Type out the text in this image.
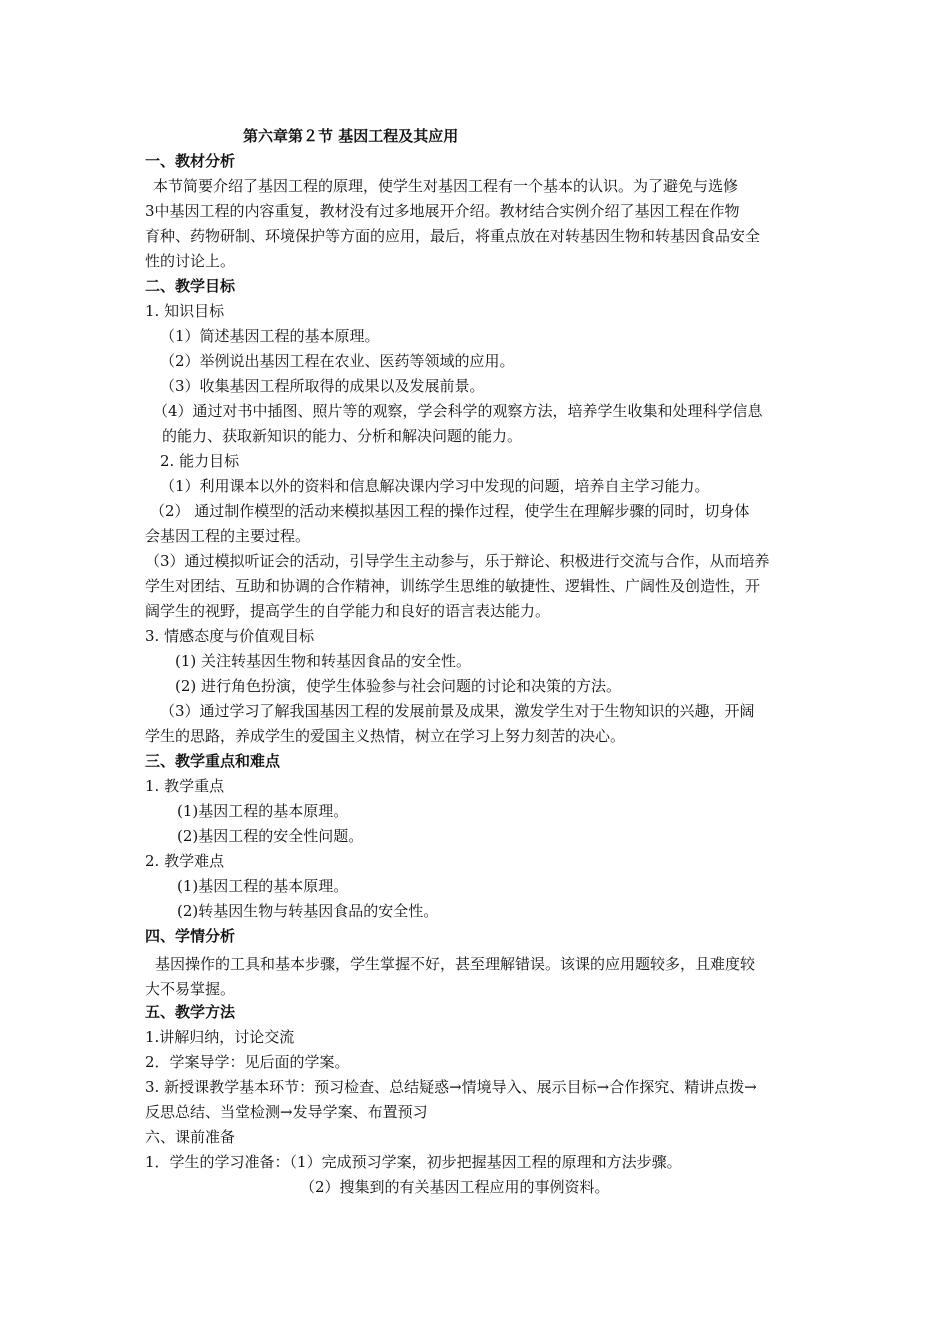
第六章第２节 基因工程及其应用
一、教材分析
本节简要介绍了基因工程的原理，使学生对基因工程有一个基本的认识。为了避免与选修
3中基因工程的内容重复，教材没有过多地展开介绍。教材结合实例介绍了基因工程在作物
育种、药物研制、环境保护等方面的应用，最后，将重点放在对转基因生物和转基因食品安全
性的讨论上。
二、教学目标
1. 知识目标
（1）简述基因工程的基本原理。
（2）举例说出基因工程在农业、医药等领域的应用。
（3）收集基因工程所取得的成果以及发展前景。
（4）通过对书中插图、照片等的观察，学会科学的观察方法，培养学生收集和处理科学信息
的能力、获取新知识的能力、分析和解决问题的能力。
2. 能力目标
（1）利用课本以外的资料和信息解决课内学习中发现的问题，培养自主学习能力。
（2） 通过制作模型的活动来模拟基因工程的操作过程，使学生在理解步骤的同时，切身体
会基因工程的主要过程。
（3）通过模拟听证会的活动，引导学生主动参与，乐于辩论、积极进行交流与合作，从而培养
学生对团结、互助和协调的合作精神，训练学生思维的敏捷性、逻辑性、广阔性及创造性，开
阔学生的视野，提高学生的自学能力和良好的语言表达能力。
3. 情感态度与价值观目标
(1) 关注转基因生物和转基因食品的安全性。
(2) 进行角色扮演，使学生体验参与社会问题的讨论和决策的方法。
（3）通过学习了解我国基因工程的发展前景及成果，激发学生对于生物知识的兴趣，开阔
学生的思路，养成学生的爱国主义热情，树立在学习上努力刻苦的决心。
三、教学重点和难点
1. 教学重点
(1)基因工程的基本原理。
(2)基因工程的安全性问题。
2. 教学难点
(1)基因工程的基本原理。
(2)转基因生物与转基因食品的安全性。
四、学情分析
基因操作的工具和基本步骤，学生掌握不好，甚至理解错误。该课的应用题较多，且难度较
大不易掌握。
五、教学方法
1.讲解归纳，讨论交流
2．学案导学：见后面的学案。
3. 新授课教学基本环节：预习检查、总结疑惑→情境导入、展示目标→合作探究、精讲点拨→
反思总结、当堂检测→发导学案、布置预习
六、课前准备
1．学生的学习准备：（1）完成预习学案，初步把握基因工程的原理和方法步骤。
（2）搜集到的有关基因工程应用的事例资料。
